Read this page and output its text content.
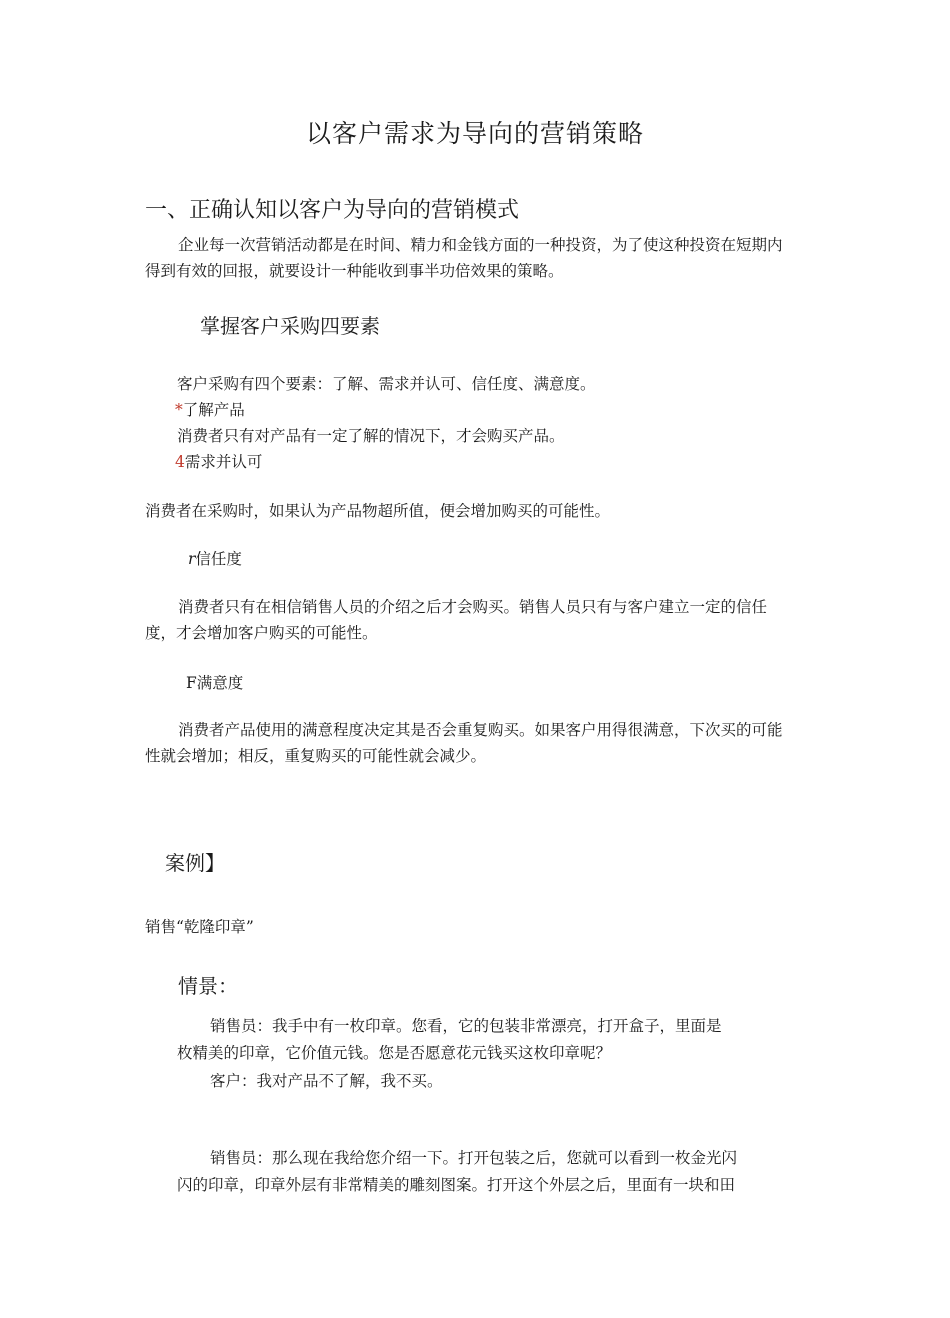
以客户需求为导向的营销策略
一、正确认知以客户为导向的营销模式
企业每一次营销活动都是在时间、精力和金钱方面的一种投资，为了使这种投资在短期内得到有效的回报，就要设计一种能收到事半功倍效果的策略。
掌握客户采购四要素
客户采购有四个要素：了解、需求并认可、信任度、满意度。
*了解产品
消费者只有对产品有一定了解的情况下，才会购买产品。
4需求并认可
消费者在采购时，如果认为产品物超所值，便会增加购买的可能性。
r信任度
消费者只有在相信销售人员的介绍之后才会购买。销售人员只有与客户建立一定的信任度，才会增加客户购买的可能性。
F满意度
消费者产品使用的满意程度决定其是否会重复购买。如果客户用得很满意，下次买的可能性就会增加；相反，重复购买的可能性就会减少。
案例】
销售“乾隆印章”
情景：
销售员：我手中有一枚印章。您看，它的包装非常漂亮，打开盒子，里面是
枚精美的印章，它价值元钱。您是否愿意花元钱买这枚印章呢？
客户：我对产品不了解，我不买。
销售员：那么现在我给您介绍一下。打开包装之后，您就可以看到一枚金光闪
闪的印章，印章外层有非常精美的雕刻图案。打开这个外层之后，里面有一块和田
